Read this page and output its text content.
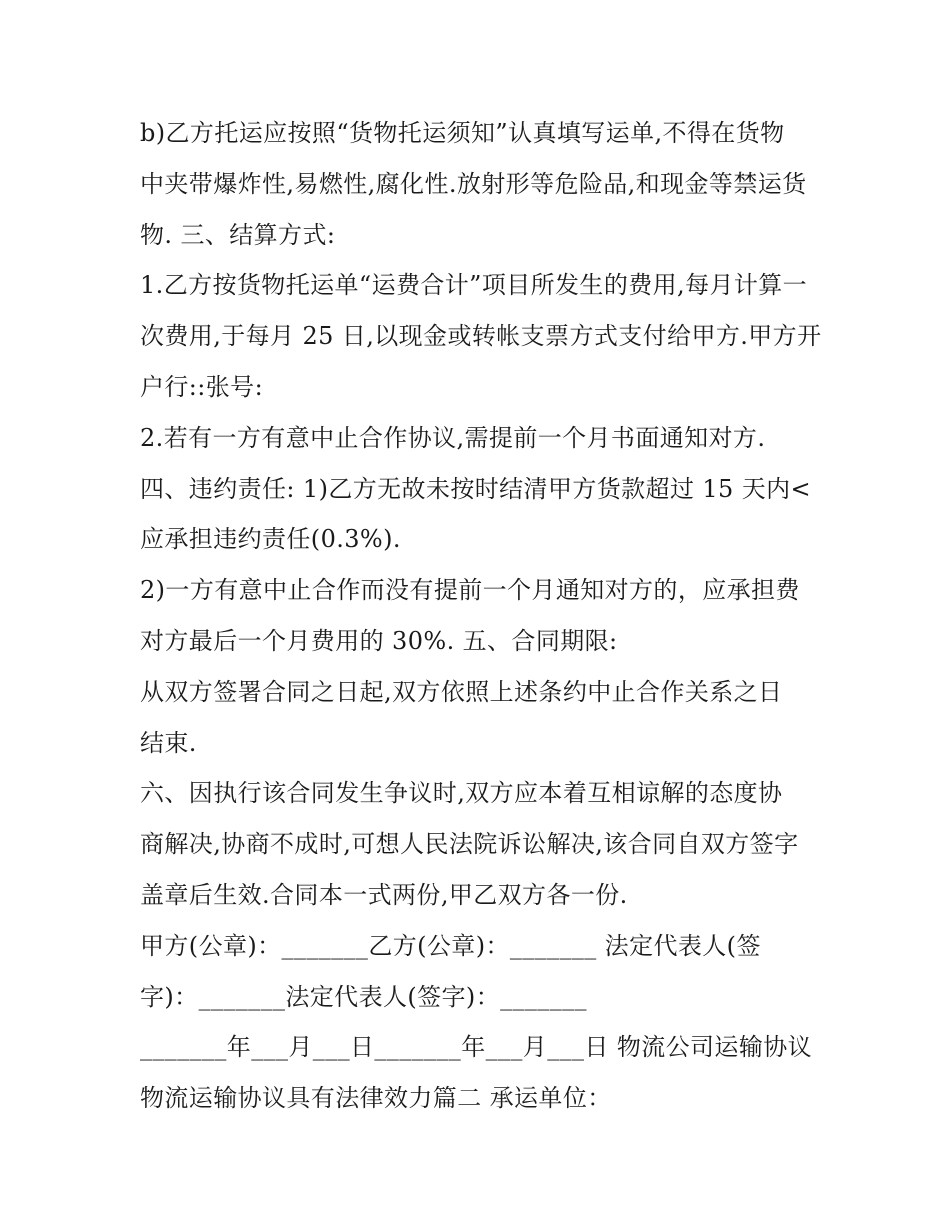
b)乙方托运应按照“货物托运须知”认真填写运单,不得在货物
中夹带爆炸性,易燃性,腐化性.放射形等危险品,和现金等禁运货
物. 三、结算方式:
1.乙方按货物托运单“运费合计”项目所发生的费用,每月计算一
次费用,于每月 25 日,以现金或转帐支票方式支付给甲方.甲方开
户行::张号:
2.若有一方有意中止合作协议,需提前一个月书面通知对方.
四、违约责任: 1)乙方无故未按时结清甲方货款超过 15 天内<
应承担违约责任(0.3%).
2)一方有意中止合作而没有提前一个月通知对方的，应承担费
对方最后一个月费用的 30%. 五、合同期限:
从双方签署合同之日起,双方依照上述条约中止合作关系之日
结束.
六、因执行该合同发生争议时,双方应本着互相谅解的态度协
商解决,协商不成时,可想人民法院诉讼解决,该合同自双方签字
盖章后生效.合同本一式两份,甲乙双方各一份.
甲方(公章)：_______乙方(公章)：_______ 法定代表人(签
字)：_______法定代表人(签字)：_______
_______年___月___日_______年___月___日 物流公司运输协议
物流运输协议具有法律效力篇二 承运单位：
